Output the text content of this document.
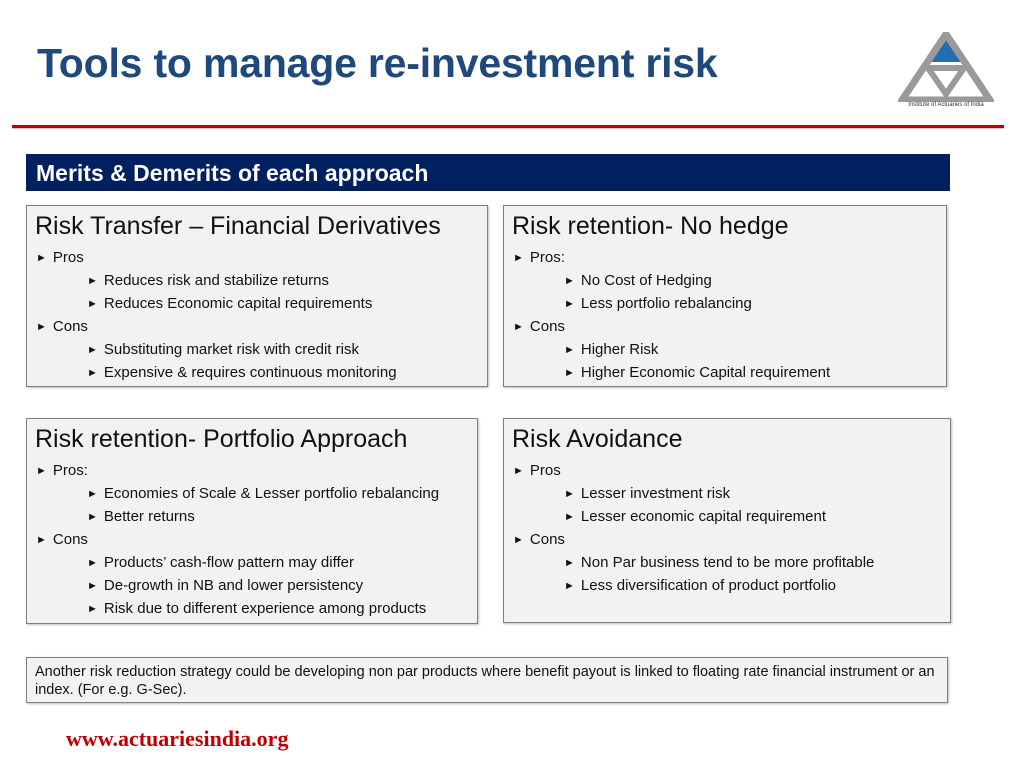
Tools to manage re-investment risk
Institute of Actuaries of India
Merits & Demerits of each approach
Risk Transfer – Financial Derivatives
► Pros
► Reduces risk and stabilize returns
► Reduces Economic capital requirements
► Cons
► Substituting market risk with credit risk
► Expensive & requires continuous monitoring
Risk retention- No hedge
► Pros:
► No Cost of Hedging
► Less portfolio rebalancing
► Cons
► Higher Risk
► Higher Economic Capital requirement
Risk retention- Portfolio Approach
► Pros:
► Economies of Scale & Lesser portfolio rebalancing
► Better returns
► Cons
► Products’ cash-flow pattern may differ
► De-growth in NB and lower persistency
► Risk due to different experience among products
Risk Avoidance
► Pros
► Lesser investment risk
► Lesser economic capital requirement
► Cons
► Non Par business tend to be more profitable
► Less diversification of product portfolio
Another risk reduction strategy could be developing non par products where benefit payout is linked to floating rate financial instrument or an index. (For e.g. G-Sec).
www.actuariesindia.org
